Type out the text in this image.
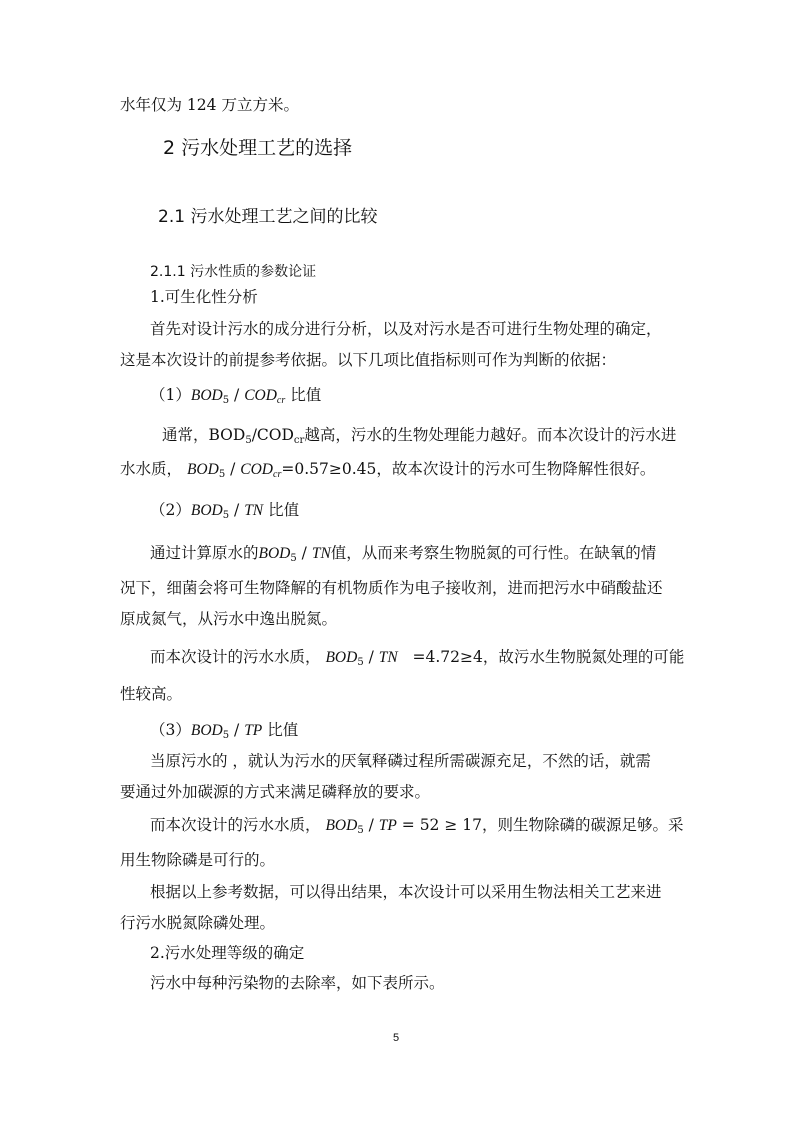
水年仅为 124 万立方米。
2 污水处理工艺的选择
2.1 污水处理工艺之间的比较
2.1.1 污水性质的参数论证
1.可生化性分析
首先对设计污水的成分进行分析，以及对污水是否可进行生物处理的确定，
这是本次设计的前提参考依据。以下几项比值指标则可作为判断的依据：
$(1)BOD_5 / COD_{cr}$ 比值
通常，$BOD_5/COD_{cr}$越高，污水的生物处理能力越好。而本次设计的污水进
水水质， $BOD_5 / COD_{cr}=0.57\ge 0.45$，故本次设计的污水可生物降解性很好。
$(2)BOD_5$ / TN 比值
通过计算原水的$BOD_5$ / TN值，从而来考察生物脱氮的可行性。在缺氧的情
况下，细菌会将可生物降解的有机物质作为电子接收剂，进而把污水中硝酸盐还
原成氮气，从污水中逸出脱氮。
而本次设计的污水水质， $BOD_5$ / TN =4.72≥4，故污水生物脱氮处理的可能
性较高。
$(3)BOD_5$ / TP 比值
当原污水的 ，就认为污水的厌氧释磷过程所需碳源充足，不然的话，就需
要通过外加碳源的方式来满足磷释放的要求。
而本次设计的污水水质， $BOD_5$ / TP = 52 ≥ 17，则生物除磷的碳源足够。采
用生物除磷是可行的。
根据以上参考数据，可以得出结果，本次设计可以采用生物法相关工艺来进
行污水脱氮除磷处理。
2.污水处理等级的确定
污水中每种污染物的去除率，如下表所示。
5
